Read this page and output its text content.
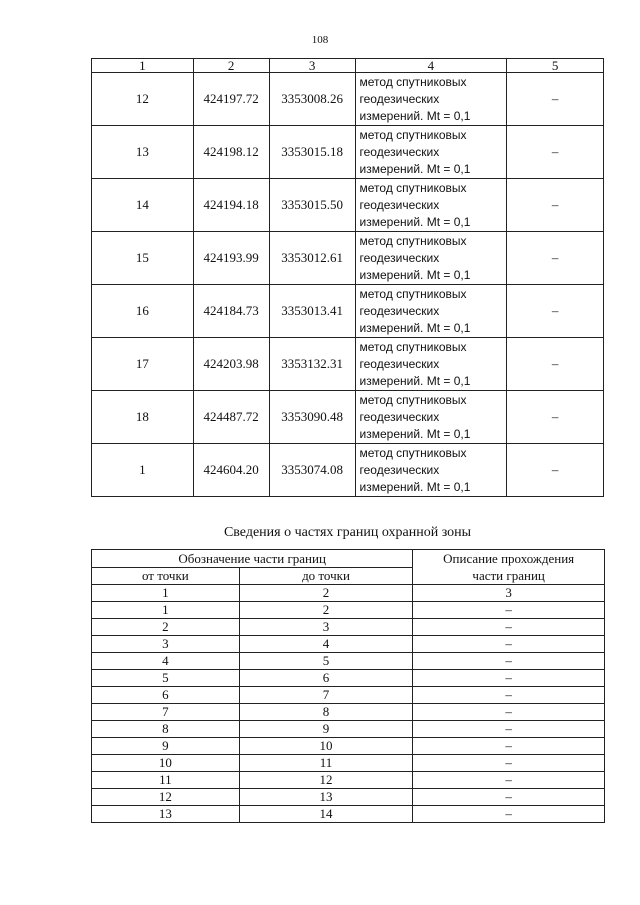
108
1	2	3	4	5
12	424197.72	3353008.26	метод спутниковых
геодезических
измерений. Mt = 0,1	–
13	424198.12	3353015.18	метод спутниковых
геодезических
измерений. Mt = 0,1	–
14	424194.18	3353015.50	метод спутниковых
геодезических
измерений. Mt = 0,1	–
15	424193.99	3353012.61	метод спутниковых
геодезических
измерений. Mt = 0,1	–
16	424184.73	3353013.41	метод спутниковых
геодезических
измерений. Mt = 0,1	–
17	424203.98	3353132.31	метод спутниковых
геодезических
измерений. Mt = 0,1	–
18	424487.72	3353090.48	метод спутниковых
геодезических
измерений. Mt = 0,1	–
1	424604.20	3353074.08	метод спутниковых
геодезических
измерений. Mt = 0,1	–
Сведения о частях границ охранной зоны
Обозначение части границ		Описание прохождения
части границ
от точки	до точки	
1	2	3
1	2	–
2	3	–
3	4	–
4	5	–
5	6	–
6	7	–
7	8	–
8	9	–
9	10	–
10	11	–
11	12	–
12	13	–
13	14	–
